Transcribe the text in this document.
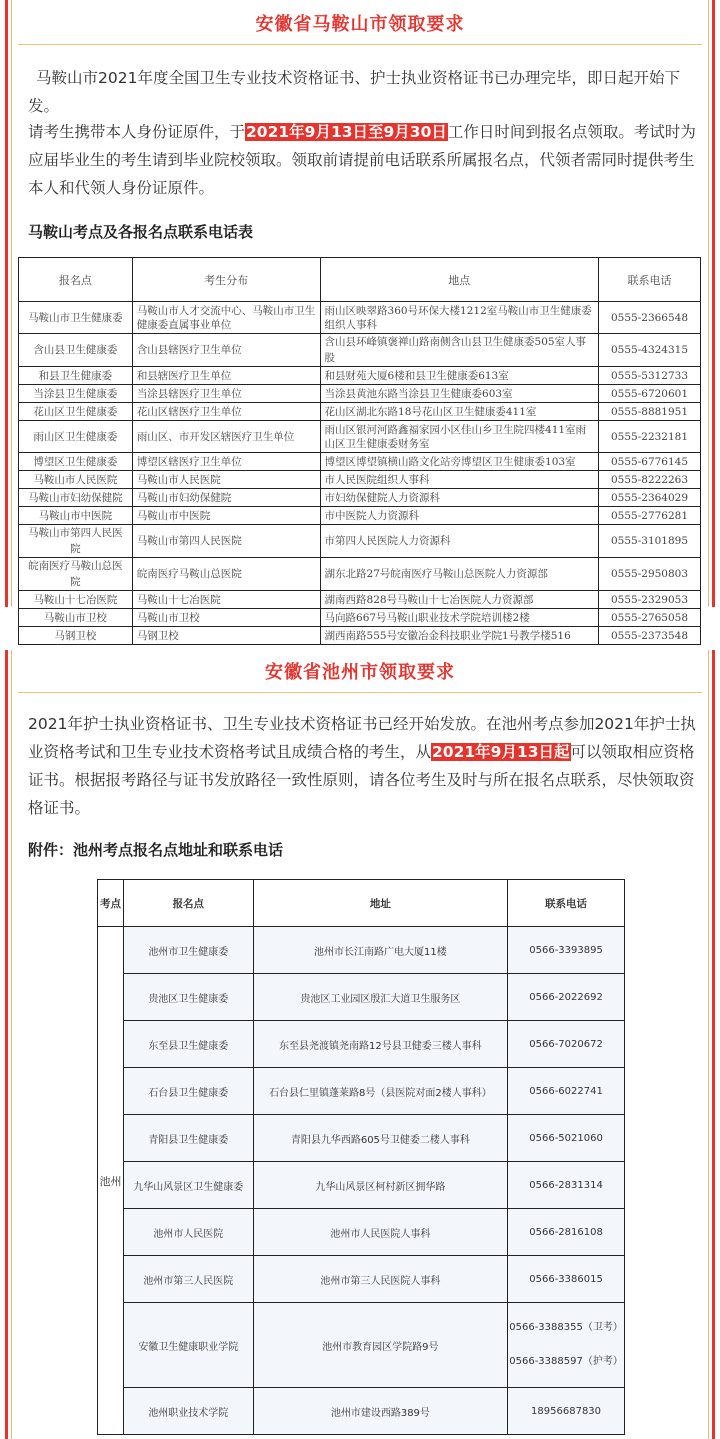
安徽省马鞍山市领取要求
马鞍山市2021年度全国卫生专业技术资格证书、护士执业资格证书已办理完毕，即日起开始下发。
请考生携带本人身份证原件，于2021年9月13日至9月30日工作日时间到报名点领取。考试时为应届毕业生的考生请到毕业院校领取。领取前请提前电话联系所属报名点，代领者需同时提供考生本人和代领人身份证原件。
马鞍山考点及各报名点联系电话表
报名点	考生分布	地点	联系电话
马鞍山市卫生健康委	马鞍山市人才交流中心、马鞍山市卫生健康委直属事业单位	雨山区映翠路360号环保大楼1212室马鞍山市卫生健康委组织人事科	0555-2366548
含山县卫生健康委	含山县辖医疗卫生单位	含山县环峰镇褒禅山路南侧含山县卫生健康委505室人事股	0555-4324315
和县卫生健康委	和县辖医疗卫生单位	和县财苑大厦6楼和县卫生健康委613室	0555-5312733
当涂县卫生健康委	当涂县辖医疗卫生单位	当涂县黄池东路当涂县卫生健康委603室	0555-6720601
花山区卫生健康委	花山区辖医疗卫生单位	花山区湖北东路18号花山区卫生健康委411室	0555-8881951
雨山区卫生健康委	雨山区、市开发区辖医疗卫生单位	雨山区银河河路鑫福家园小区佳山乡卫生院四楼411室雨山区卫生健康委财务室	0555-2232181
博望区卫生健康委	博望区辖医疗卫生单位	博望区博望镇横山路文化站旁博望区卫生健康委103室	0555-6776145
马鞍山市人民医院	马鞍山市人民医院	市人民医院组织人事科	0555-8222263
马鞍山市妇幼保健院	马鞍山市妇幼保健院	市妇幼保健院人力资源科	0555-2364029
马鞍山市中医院	马鞍山市中医院	市中医院人力资源科	0555-2776281
马鞍山市第四人民医院	马鞍山市第四人民医院	市第四人民医院人力资源科	0555-3101895
皖南医疗马鞍山总医院	皖南医疗马鞍山总医院	湖东北路27号皖南医疗马鞍山总医院人力资源部	0555-2950803
马鞍山十七冶医院	马鞍山十七冶医院	湖南西路828号马鞍山十七冶医院人力资源部	0555-2329053
马鞍山市卫校	马鞍山市卫校	马向路667号马鞍山职业技术学院培训楼2楼	0555-2765058
马钢卫校	马钢卫校	湖西南路555号安徽冶金科技职业学院1号教学楼516	0555-2373548
安徽省池州市领取要求
2021年护士执业资格证书、卫生专业技术资格证书已经开始发放。在池州考点参加2021年护士执业资格考试和卫生专业技术资格考试且成绩合格的考生，从2021年9月13日起可以领取相应资格证书。根据报考路径与证书发放路径一致性原则，请各位考生及时与所在报名点联系，尽快领取资格证书。
附件：池州考点报名点地址和联系电话
考点	报名点	地址	联系电话
池州	池州市卫生健康委	池州市长江南路广电大厦11楼	0566-3393895
	贵池区卫生健康委	贵池区工业园区殷汇大道卫生服务区	0566-2022692
	东至县卫生健康委	东至县尧渡镇尧南路12号县卫健委三楼人事科	0566-7020672
	石台县卫生健康委	石台县仁里镇蓬莱路8号（县医院对面2楼人事科）	0566-6022741
	青阳县卫生健康委	青阳县九华西路605号卫健委二楼人事科	0566-5021060
	九华山风景区卫生健康委	九华山风景区柯村新区拥华路	0566-2831314
	池州市人民医院	池州市人民医院人事科	0566-2816108
	池州市第三人民医院	池州市第三人民医院人事科	0566-3386015
	安徽卫生健康职业学院	池州市教育园区学院路9号	0566-3388355（卫考）
0566-3388597（护考）

	池州职业技术学院	池州市建设西路389号	18956687830
